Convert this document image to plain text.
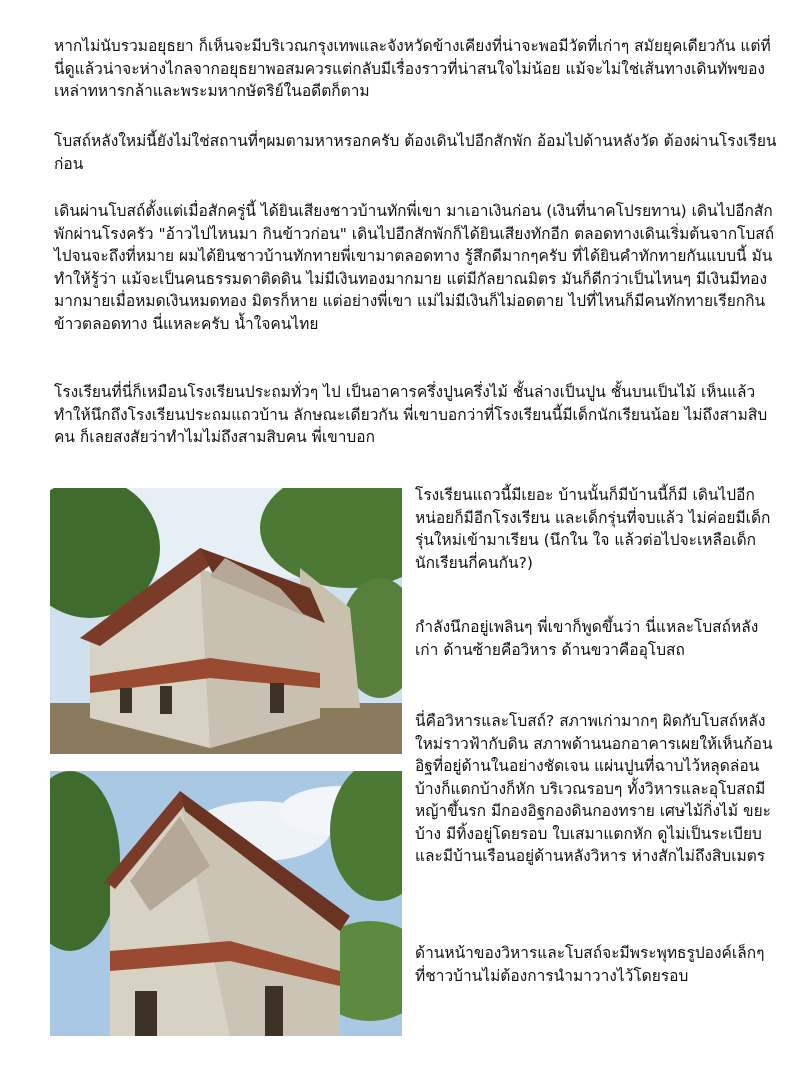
หากไม่นับรวมอยุธยา ก็เห็นจะมีบริเวณกรุงเทพและจังหวัดข้างเคียงที่น่าจะพอมีวัดที่เก่าๆ สมัยยุคเดียวกัน แต่ที่นี่ดูแล้วน่าจะห่างไกลจากอยุธยาพอสมควรแต่กลับมีเรื่องราวที่น่าสนใจไม่น้อย แม้จะไม่ใช่เส้นทางเดินทัพของเหล่าทหารกล้าและพระมหากษัตริย์ในอดีตก็ตาม

โบสถ์หลังใหม่นี้ยังไม่ใช่สถานที่ๆผมตามหาหรอกครับ ต้องเดินไปอีกสักพัก อ้อมไปด้านหลังวัด ต้องผ่านโรงเรียนก่อน

เดินผ่านโบสถ์ตั้งแต่เมื่อสักครู่นี้ ได้ยินเสียงชาวบ้านทักพี่เขา มาเอาเงินก่อน (เงินที่นาคโปรยทาน) เดินไปอีกสักพักผ่านโรงครัว "อ้าวไปไหนมา กินข้าวก่อน" เดินไปอีกสักพักก็ได้ยินเสียงทักอีก ตลอดทางเดินเริ่มต้นจากโบสถ์ไปจนจะถึงที่หมาย ผมได้ยินชาวบ้านทักทายพี่เขามาตลอดทาง รู้สึกดีมากๆครับ ที่ได้ยินคำทักทายกันแบบนี้ มันทำให้รู้ว่า แม้จะเป็นคนธรรมดาติดดิน ไม่มีเงินทองมากมาย แต่มีกัลยาณมิตร มันก็ดีกว่าเป็นไหนๆ มีเงินมีทองมากมายเมื่อหมดเงินหมดทอง มิตรก็หาย แต่อย่างพี่เขา แม่ไม่มีเงินก็ไม่อดตาย ไปที่ไหนก็มีคนทักทายเรียกกินข้าวตลอดทาง นี่แหละครับ น้ำใจคนไทย

โรงเรียนที่นี่ก็เหมือนโรงเรียนประถมทั่วๆ ไป เป็นอาคารครึ่งปูนครึ่งไม้ ชั้นล่างเป็นปูน ชั้นบนเป็นไม้ เห็นแล้วทำให้นึกถึงโรงเรียนประถมแถวบ้าน ลักษณะเดียวกัน พี่เขาบอกว่าที่โรงเรียนนี้มีเด็กนักเรียนน้อย ไม่ถึงสามสิบคน ก็เลยสงสัยว่าทำไมไม่ถึงสามสิบคน พี่เขาบอก

โรงเรียนแถวนี้มีเยอะ บ้านนั้นก็มีบ้านนี้ก็มี เดินไปอีกหน่อยก็มีอีกโรงเรียน และเด็กรุ่นที่จบแล้ว ไม่ค่อยมีเด็กรุ่นใหม่เข้ามาเรียน (นึกใน ใจ แล้วต่อไปจะเหลือเด็กนักเรียนกี่คนกัน?)

กำลังนึกอยู่เพลินๆ พี่เขาก็พูดขึ้นว่า นี่แหละโบสถ์หลังเก่า ด้านซ้ายคือวิหาร ด้านขวาคืออุโบสถ

นี่คือวิหารและโบสถ์? สภาพเก่ามากๆ ผิดกับโบสถ์หลังใหม่ราวฟ้ากับดิน สภาพด้านนอกอาคารเผยให้เห็นก้อนอิฐที่อยู่ด้านในอย่างชัดเจน แผ่นปูนที่ฉาบไว้หลุดล่อน บ้างก็แตกบ้างก็หัก บริเวณรอบๆ ทั้งวิหารและอุโบสถมีหญ้าขึ้นรก มีกองอิฐกองดินกองทราย เศษไม้กิ่งไม้ ขยะบ้าง มีทิ้งอยู่โดยรอบ ใบเสมาแตกหัก ดูไม่เป็นระเบียบ และมีบ้านเรือนอยู่ด้านหลังวิหาร ห่างสักไม่ถึงสิบเมตร

ด้านหน้าของวิหารและโบสถ์จะมีพระพุทธรูปองค์เล็กๆ ที่ชาวบ้านไม่ต้องการนำมาวางไว้โดยรอบ
